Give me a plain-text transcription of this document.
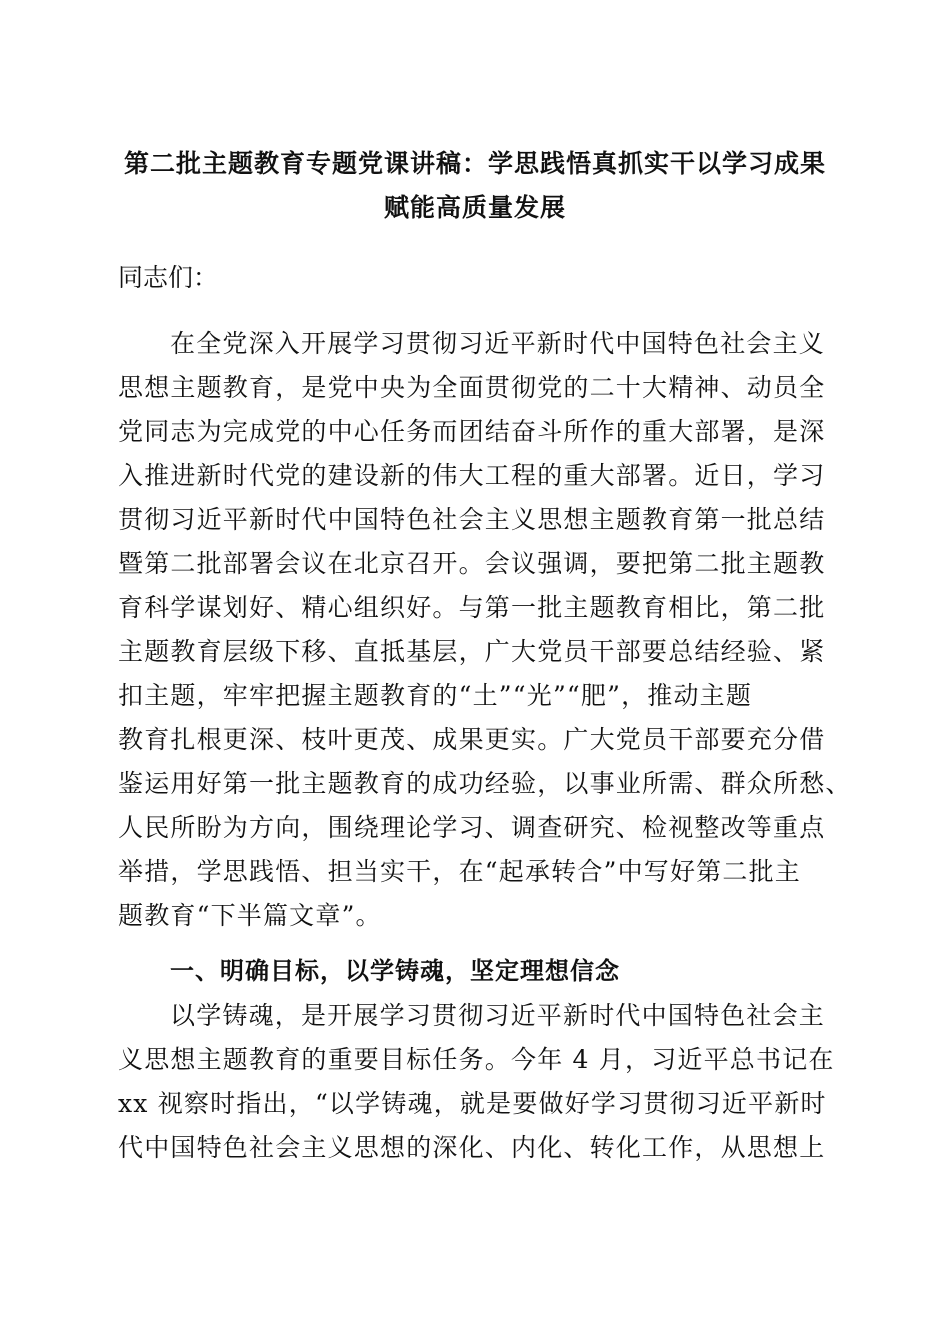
第二批主题教育专题党课讲稿：学思践悟真抓实干以学习成果
赋能高质量发展
同志们：
在全党深入开展学习贯彻习近平新时代中国特色社会主义
思想主题教育，是党中央为全面贯彻党的二十大精神、动员全
党同志为完成党的中心任务而团结奋斗所作的重大部署，是深
入推进新时代党的建设新的伟大工程的重大部署。近日，学习
贯彻习近平新时代中国特色社会主义思想主题教育第一批总结
暨第二批部署会议在北京召开。会议强调，要把第二批主题教
育科学谋划好、精心组织好。与第一批主题教育相比，第二批
主题教育层级下移、直抵基层，广大党员干部要总结经验、紧
扣主题，牢牢把握主题教育的“土”“光”“肥”，推动主题
教育扎根更深、枝叶更茂、成果更实。广大党员干部要充分借
鉴运用好第一批主题教育的成功经验，以事业所需、群众所愁、
人民所盼为方向，围绕理论学习、调查研究、检视整改等重点
举措，学思践悟、担当实干，在“起承转合”中写好第二批主
题教育“下半篇文章”。
一、明确目标，以学铸魂，坚定理想信念
以学铸魂，是开展学习贯彻习近平新时代中国特色社会主
义思想主题教育的重要目标任务。今年 4 月，习近平总书记在
xx 视察时指出，“以学铸魂，就是要做好学习贯彻习近平新时
代中国特色社会主义思想的深化、内化、转化工作，从思想上
